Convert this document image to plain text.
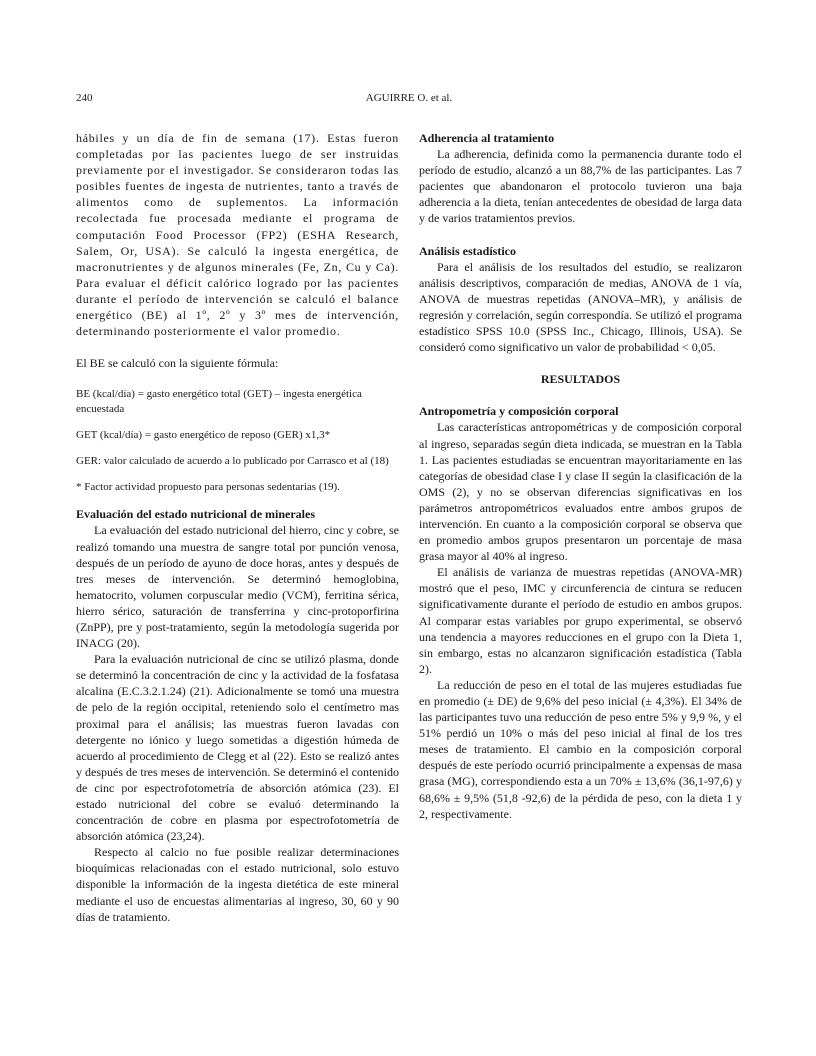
240	AGUIRRE O. et al.

hábiles y un día de fin de semana (17). Estas fueron completadas por las pacientes luego de ser instruidas previamente por el investigador. Se consideraron todas las posibles fuentes de ingesta de nutrientes, tanto a través de alimentos como de suplementos. La información recolectada fue procesada mediante el programa de computación Food Processor (FP2) (ESHA Research, Salem, Or, USA). Se calculó la ingesta energética, de macronutrientes y de algunos minerales (Fe, Zn, Cu y Ca). Para evaluar el déficit calórico logrado por las pacientes durante el período de intervención se calculó el balance energético (BE) al 1º, 2º y 3º mes de intervención, determinando posteriormente el valor promedio.

El BE se calculó con la siguiente fórmula:

BE (kcal/día) = gasto energético total (GET) – ingesta energética encuestada

GET (kcal/día) = gasto energético de reposo (GER) x1,3*

GER: valor calculado de acuerdo a lo publicado por Carrasco et al (18)

* Factor actividad propuesto para personas sedentarias (19).

Evaluación del estado nutricional de minerales

La evaluación del estado nutricional del hierro, cinc y cobre, se realizó tomando una muestra de sangre total por punción venosa, después de un período de ayuno de doce horas, antes y después de tres meses de intervención. Se determinó hemoglobina, hematocrito, volumen corpuscular medio (VCM), ferritina sérica, hierro sérico, saturación de transferrina y cinc-protoporfirina (ZnPP), pre y post-tratamiento, según la metodología sugerida por INACG (20).

Para la evaluación nutricional de cinc se utilizó plasma, donde se determinó la concentración de cinc y la actividad de la fosfatasa alcalina (E.C.3.2.1.24) (21). Adicionalmente se tomó una muestra de pelo de la región occipital, reteniendo solo el centímetro mas proximal para el análisis; las muestras fueron lavadas con detergente no iónico y luego sometidas a digestión húmeda de acuerdo al procedimiento de Clegg et al (22). Esto se realizó antes y después de tres meses de intervención. Se determinó el contenido de cinc por espectrofotometría de absorción atómica (23). El estado nutricional del cobre se evaluó determinando la concentración de cobre en plasma por espectrofotometría de absorción atómica (23,24).

Respecto al calcio no fue posible realizar determinaciones bioquímicas relacionadas con el estado nutricional, solo estuvo disponible la información de la ingesta dietética de este mineral mediante el uso de encuestas alimentarias al ingreso, 30, 60 y 90 días de tratamiento.

Adherencia al tratamiento

La adherencia, definida como la permanencia durante todo el período de estudio, alcanzó a un 88,7% de las participantes. Las 7 pacientes que abandonaron el protocolo tuvieron una baja adherencia a la dieta, tenían antecedentes de obesidad de larga data y de varios tratamientos previos.

Análisis estadístico

Para el análisis de los resultados del estudio, se realizaron análisis descriptivos, comparación de medias, ANOVA de 1 vía, ANOVA de muestras repetidas (ANOVA–MR), y análisis de regresión y correlación, según correspondía. Se utilizó el programa estadístico SPSS 10.0 (SPSS Inc., Chicago, Illinois, USA). Se consideró como significativo un valor de probabilidad < 0,05.

RESULTADOS

Antropometría y composición corporal

Las características antropométricas y de composición corporal al ingreso, separadas según dieta indicada, se muestran en la Tabla 1. Las pacientes estudiadas se encuentran mayoritariamente en las categorías de obesidad clase I y clase II según la clasificación de la OMS (2), y no se observan diferencias significativas en los parámetros antropométricos evaluados entre ambos grupos de intervención. En cuanto a la composición corporal se observa que en promedio ambos grupos presentaron un porcentaje de masa grasa mayor al 40% al ingreso.

El análisis de varianza de muestras repetidas (ANOVA-MR) mostró que el peso, IMC y circunferencia de cintura se reducen significativamente durante el período de estudio en ambos grupos. Al comparar estas variables por grupo experimental, se observó una tendencia a mayores reducciones en el grupo con la Dieta 1, sin embargo, estas no alcanzaron significación estadística (Tabla 2).

La reducción de peso en el total de las mujeres estudiadas fue en promedio (± DE) de 9,6% del peso inicial (± 4,3%). El 34% de las participantes tuvo una reducción de peso entre 5% y 9,9 %, y el 51% perdió un 10% o más del peso inicial al final de los tres meses de tratamiento. El cambio en la composición corporal después de este período ocurrió principalmente a expensas de masa grasa (MG), correspondiendo esta a un 70% ± 13,6% (36,1-97,6) y 68,6% ± 9,5% (51,8 -92,6) de la pérdida de peso, con la dieta 1 y 2, respectivamente.
